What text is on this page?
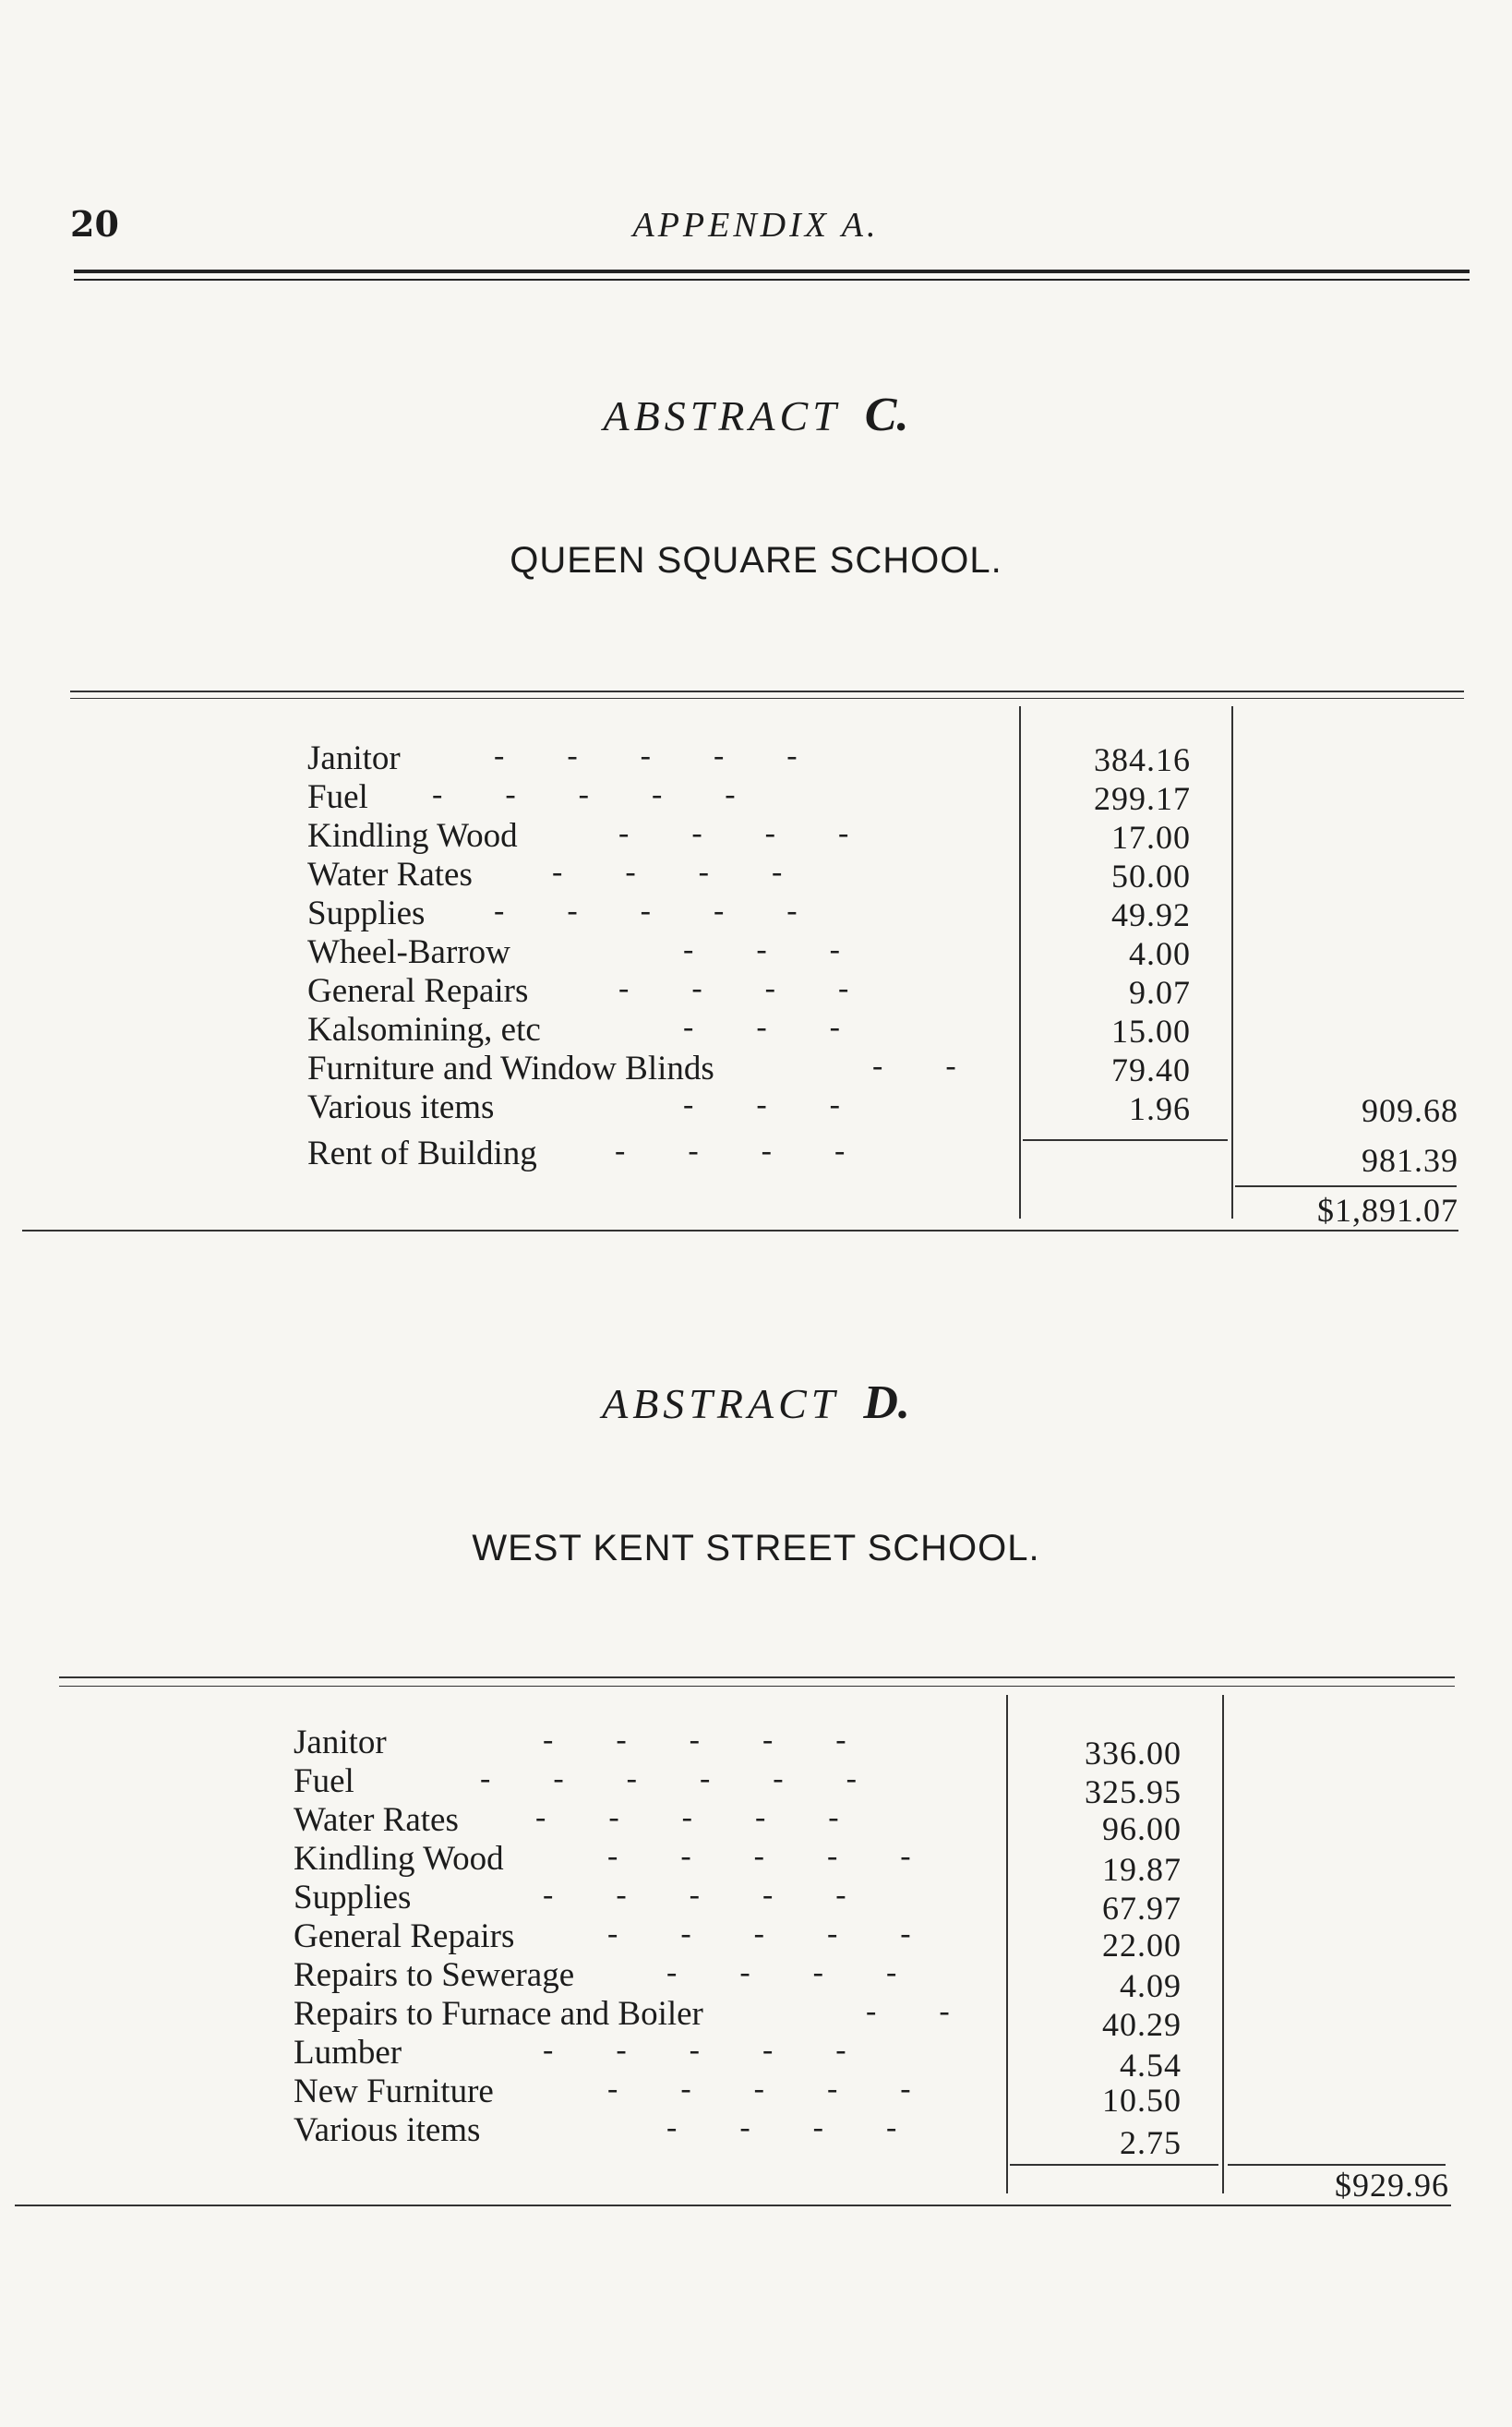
20	APPENDIX A.
ABSTRACT C.
QUEEN SQUARE SCHOOL.
Janitor	384.16
Fuel	299.17
Kindling Wood	17.00
Water Rates	50.00
Supplies	49.92
Wheel-Barrow	4.00
General Repairs	9.07
Kalsomining, etc	15.00
Furniture and Window Blinds	79.40
Various items	1.96	909.68
Rent of Building	981.39
$1,891.07
-        -        -        -        -
-        -        -        -        -
-        -        -        -
-        -        -        -
-        -        -        -        -
-        -        -
-        -        -        -
-        -        -
-        -
-        -        -
-        -        -        -
ABSTRACT D.
WEST KENT STREET SCHOOL.
Janitor	336.00
Fuel	325.95
Water Rates	96.00
Kindling Wood	19.87
Supplies	67.97
General Repairs	22.00
Repairs to Sewerage	4.09
Repairs to Furnace and Boiler	40.29
Lumber	4.54
New Furniture	10.50
Various items	2.75
$929.96
-        -        -        -        -
-        -        -        -        -        -
-        -        -        -        -
-        -        -        -        -
-        -        -        -        -
-        -        -        -        -
-        -        -        -
-        -
-        -        -        -        -
-        -        -        -        -
-        -        -        -
